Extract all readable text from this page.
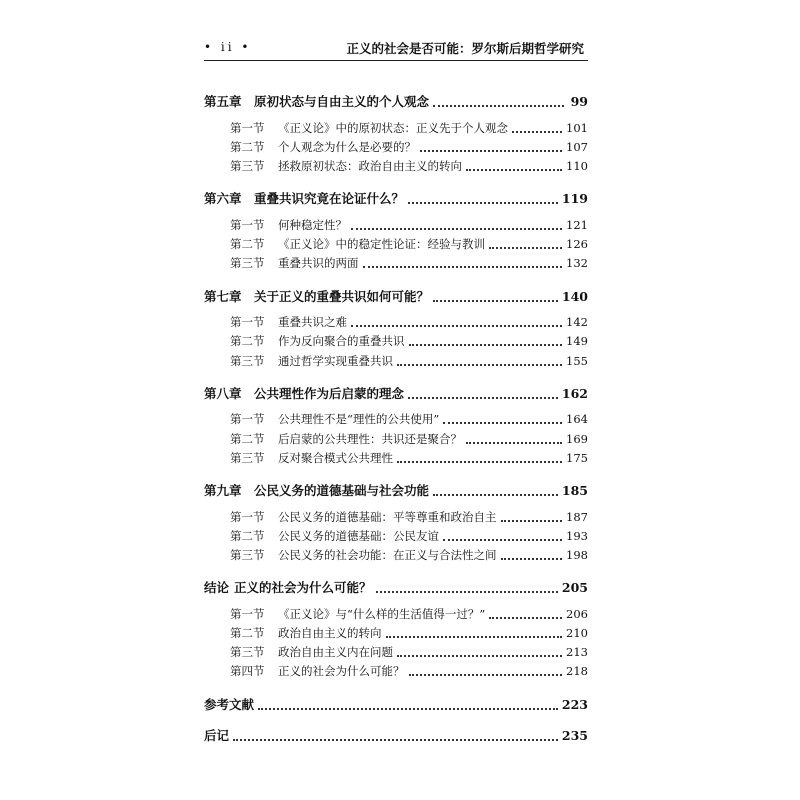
• ii •	正义的社会是否可能：罗尔斯后期哲学研究
第五章 原初状态与自由主义的个人观念	99
第一节	《正义论》中的原初状态：正义先于个人观念	101
第二节	个人观念为什么是必要的？	107
第三节	拯救原初状态：政治自由主义的转向	110
第六章 重叠共识究竟在论证什么？	119
第一节	何种稳定性？	121
第二节	《正义论》中的稳定性论证：经验与教训	126
第三节	重叠共识的两面	132
第七章 关于正义的重叠共识如何可能？	140
第一节	重叠共识之难	142
第二节	作为反向聚合的重叠共识	149
第三节	通过哲学实现重叠共识	155
第八章 公共理性作为后启蒙的理念	162
第一节	公共理性不是“理性的公共使用”	164
第二节	后启蒙的公共理性：共识还是聚合？	169
第三节	反对聚合模式公共理性	175
第九章 公民义务的道德基础与社会功能	185
第一节	公民义务的道德基础：平等尊重和政治自主	187
第二节	公民义务的道德基础：公民友谊	193
第三节	公民义务的社会功能：在正义与合法性之间	198
结论 正义的社会为什么可能？	205
第一节	《正义论》与“什么样的生活值得一过？”	206
第二节	政治自由主义的转向	210
第三节	政治自由主义内在问题	213
第四节	正义的社会为什么可能？	218
参考文献	223
后记	235
